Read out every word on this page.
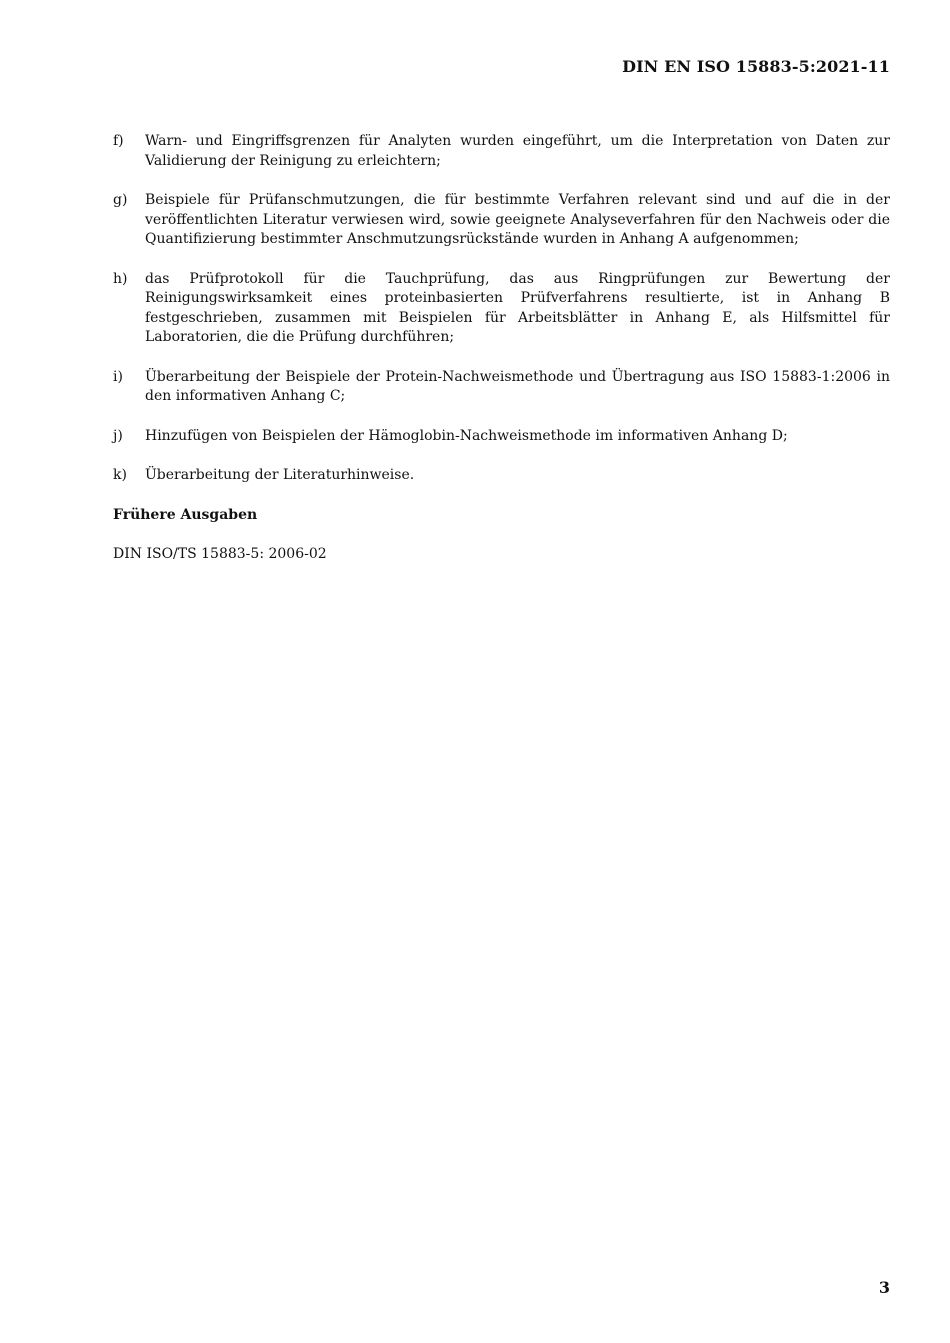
DIN EN ISO 15883-5:2021-11
f)	Warn- und Eingriffsgrenzen für Analyten wurden eingeführt, um die Interpretation von Daten zur Validierung der Reinigung zu erleichtern;
g)	Beispiele für Prüfanschmutzungen, die für bestimmte Verfahren relevant sind und auf die in der veröffentlichten Literatur verwiesen wird, sowie geeignete Analyseverfahren für den Nachweis oder die Quantifizierung bestimmter Anschmutzungsrückstände wurden in Anhang A aufgenommen;
h)	das Prüfprotokoll für die Tauchprüfung, das aus Ringprüfungen zur Bewertung der Reinigungswirksamkeit eines proteinbasierten Prüfverfahrens resultierte, ist in Anhang B festgeschrieben, zusammen mit Beispielen für Arbeitsblätter in Anhang E, als Hilfsmittel für Laboratorien, die die Prüfung durchführen;
i)	Überarbeitung der Beispiele der Protein-Nachweismethode und Übertragung aus ISO 15883-1:2006 in den informativen Anhang C;
j)	Hinzufügen von Beispielen der Hämoglobin-Nachweismethode im informativen Anhang D;
k)	Überarbeitung der Literaturhinweise.
Frühere Ausgaben
DIN ISO/TS 15883-5: 2006-02
3
